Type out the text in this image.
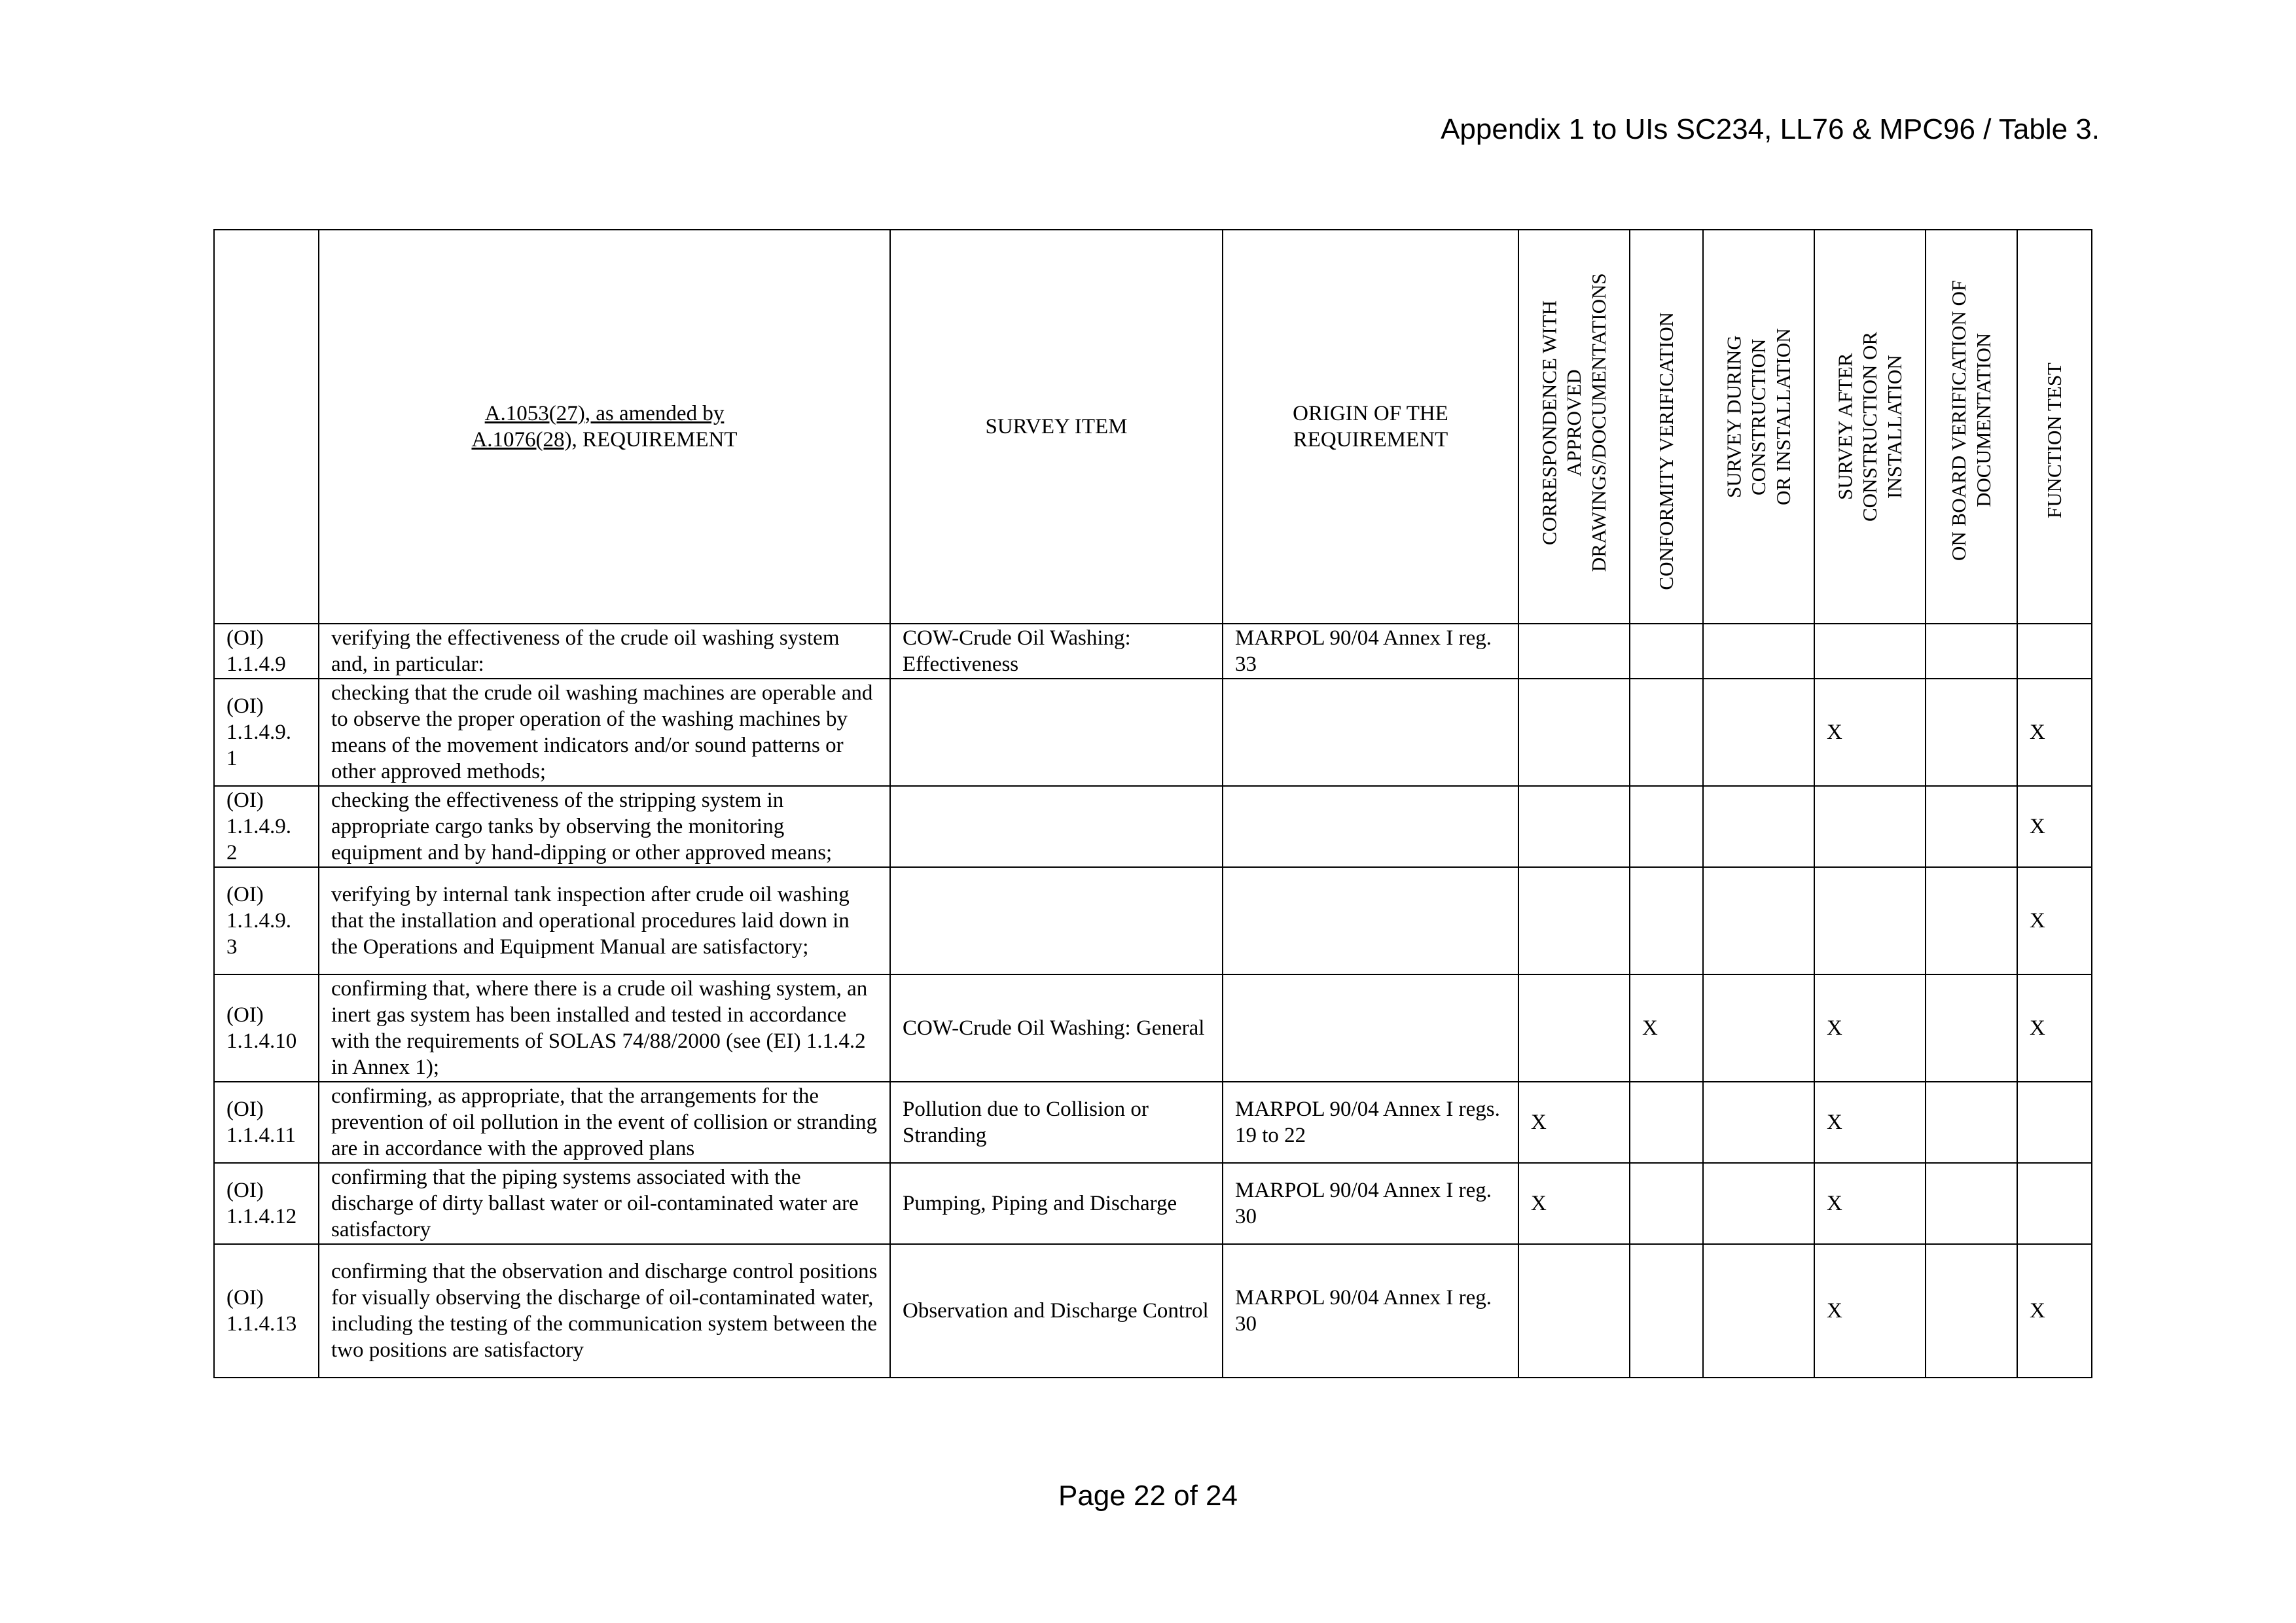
Appendix 1 to UIs SC234, LL76 & MPC96 / Table 3.
	A.1053(27), as amended by
A.1076(28), REQUIREMENT	SURVEY ITEM	ORIGIN OF THE REQUIREMENT	CORRESPONDENCE WITH APPROVED DRAWINGS/DOCUMENTATIONS	CONFORMITY VERIFICATION	SURVEY DURING CONSTRUCTION OR INSTALLATION	SURVEY AFTER CONSTRUCTION OR INSTALLATION	ON BOARD VERIFICATION OF DOCUMENTATION	FUNCTION TEST

(OI) 1.1.4.9	verifying the effectiveness of the crude oil washing system and, in particular:	COW-Crude Oil Washing: Effectiveness	MARPOL 90/04 Annex I reg. 33						
(OI) 1.1.4.9. 1	checking that the crude oil washing machines are operable and to observe the proper operation of the washing machines by means of the movement indicators and/or sound patterns or other approved methods;						X		X
(OI) 1.1.4.9. 2	checking the effectiveness of the stripping system in appropriate cargo tanks by observing the monitoring equipment and by hand-dipping or other approved means;								X
(OI) 1.1.4.9. 3	verifying by internal tank inspection after crude oil washing that the installation and operational procedures laid down in the Operations and Equipment Manual are satisfactory;								X
(OI) 1.1.4.10	confirming that, where there is a crude oil washing system, an inert gas system has been installed and tested in accordance with the requirements of SOLAS 74/88/2000 (see (EI) 1.1.4.2 in Annex 1);	COW-Crude Oil Washing: General			X		X		X
(OI) 1.1.4.11	confirming, as appropriate, that the arrangements for the prevention of oil pollution in the event of collision or stranding are in accordance with the approved plans	Pollution due to Collision or Stranding	MARPOL 90/04 Annex I regs. 19 to 22	X			X		
(OI) 1.1.4.12	confirming that the piping systems associated with the discharge of dirty ballast water or oil-contaminated water are satisfactory	Pumping, Piping and Discharge	MARPOL 90/04 Annex I reg. 30	X			X		
(OI) 1.1.4.13	confirming that the observation and discharge control positions for visually observing the discharge of oil-contaminated water, including the testing of the communication system between the two positions are satisfactory	Observation and Discharge Control	MARPOL 90/04 Annex I reg. 30				X		X
Page 22 of 24
